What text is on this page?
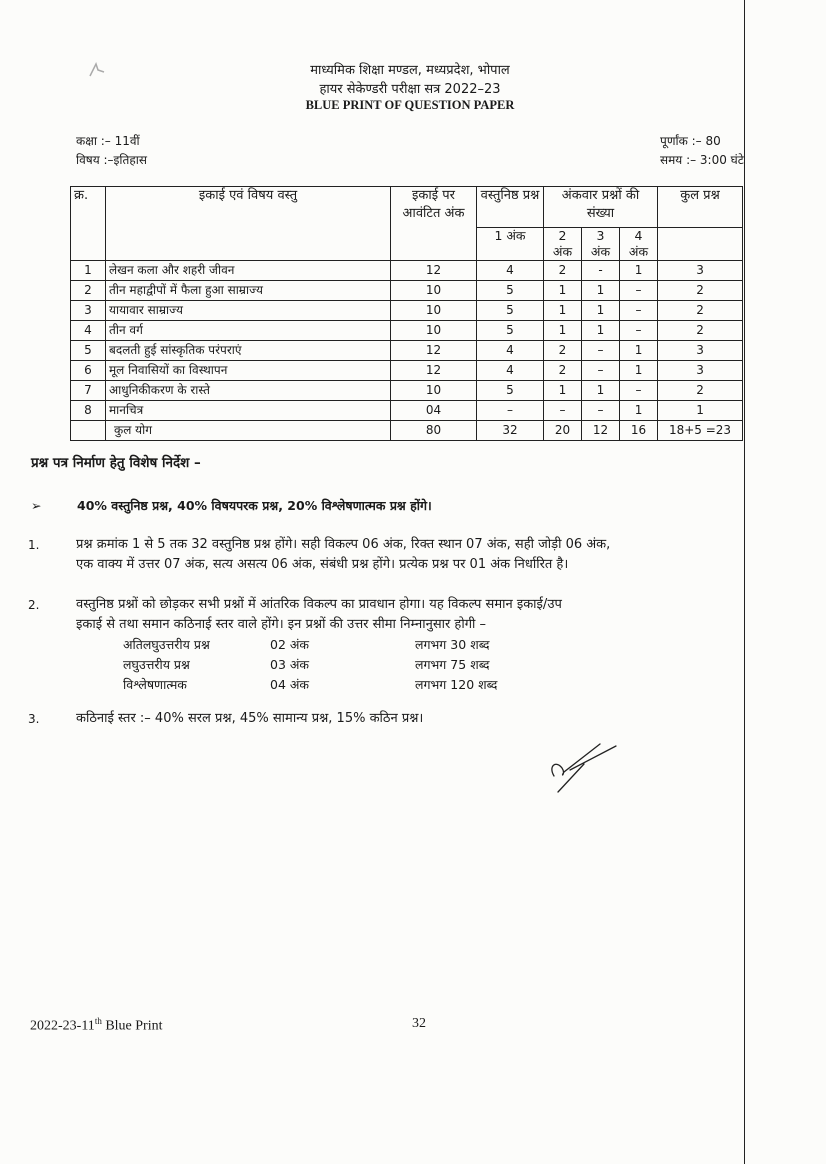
माध्यमिक शिक्षा मण्डल, मध्यप्रदेश, भोपाल
हायर सेकेण्डरी परीक्षा सत्र 2022–23
BLUE PRINT OF QUESTION PAPER
कक्षा :– 11वीं
विषय :–इतिहास
पूर्णांक :– 80
समय :– 3:00 घंटे
क्र.	इकाई एवं विषय वस्तु	इकाई पर आवंटित अंक	वस्तुनिष्ठ प्रश्न	अंकवार प्रश्नों की संख्या			कुल प्रश्न
			1 अंक	2 अंक	3 अंक	4 अंक	
1	लेखन कला और शहरी जीवन	12	4	2	-	1	3
2	तीन महाद्वीपों में फैला हुआ साम्राज्य	10	5	1	1	–	2
3	यायावार साम्राज्य	10	5	1	1	–	2
4	तीन वर्ग	10	5	1	1	–	2
5	बदलती हुई सांस्कृतिक परंपराएं	12	4	2	–	1	3
6	मूल निवासियों का विस्थापन	12	4	2	–	1	3
7	आधुनिकीकरण के रास्ते	10	5	1	1	–	2
8	मानचित्र	04	–	–	–	1	1
	कुल योग	80	32	20	12	16	18+5 =23
प्रश्न पत्र निर्माण हेतु विशेष निर्देश –
➢	40% वस्तुनिष्ठ प्रश्न, 40% विषयपरक प्रश्न, 20% विश्लेषणात्मक प्रश्न होंगे।
1.	प्रश्न क्रमांक 1 से 5 तक 32 वस्तुनिष्ठ प्रश्न होंगे। सही विकल्प 06 अंक, रिक्त स्थान 07 अंक, सही जोड़ी 06 अंक,
एक वाक्य में उत्तर 07 अंक, सत्य असत्य 06 अंक, संबंधी प्रश्न होंगे। प्रत्येक प्रश्न पर 01 अंक निर्धारित है।
2.	वस्तुनिष्ठ प्रश्नों को छोड़कर सभी प्रश्नों में आंतरिक विकल्प का प्रावधान होगा। यह विकल्प समान इकाई/उप
इकाई से तथा समान कठिनाई स्तर वाले होंगे। इन प्रश्नों की उत्तर सीमा निम्नानुसार होगी –
अतिलघुउत्तरीय प्रश्न	02 अंक	लगभग 30 शब्द
लघुउत्तरीय प्रश्न	03 अंक	लगभग 75 शब्द
विश्लेषणात्मक	04 अंक	लगभग 120 शब्द
3.	कठिनाई स्तर :– 40% सरल प्रश्न, 45% सामान्य प्रश्न, 15% कठिन प्रश्न।
2022-23-11th Blue Print	32
